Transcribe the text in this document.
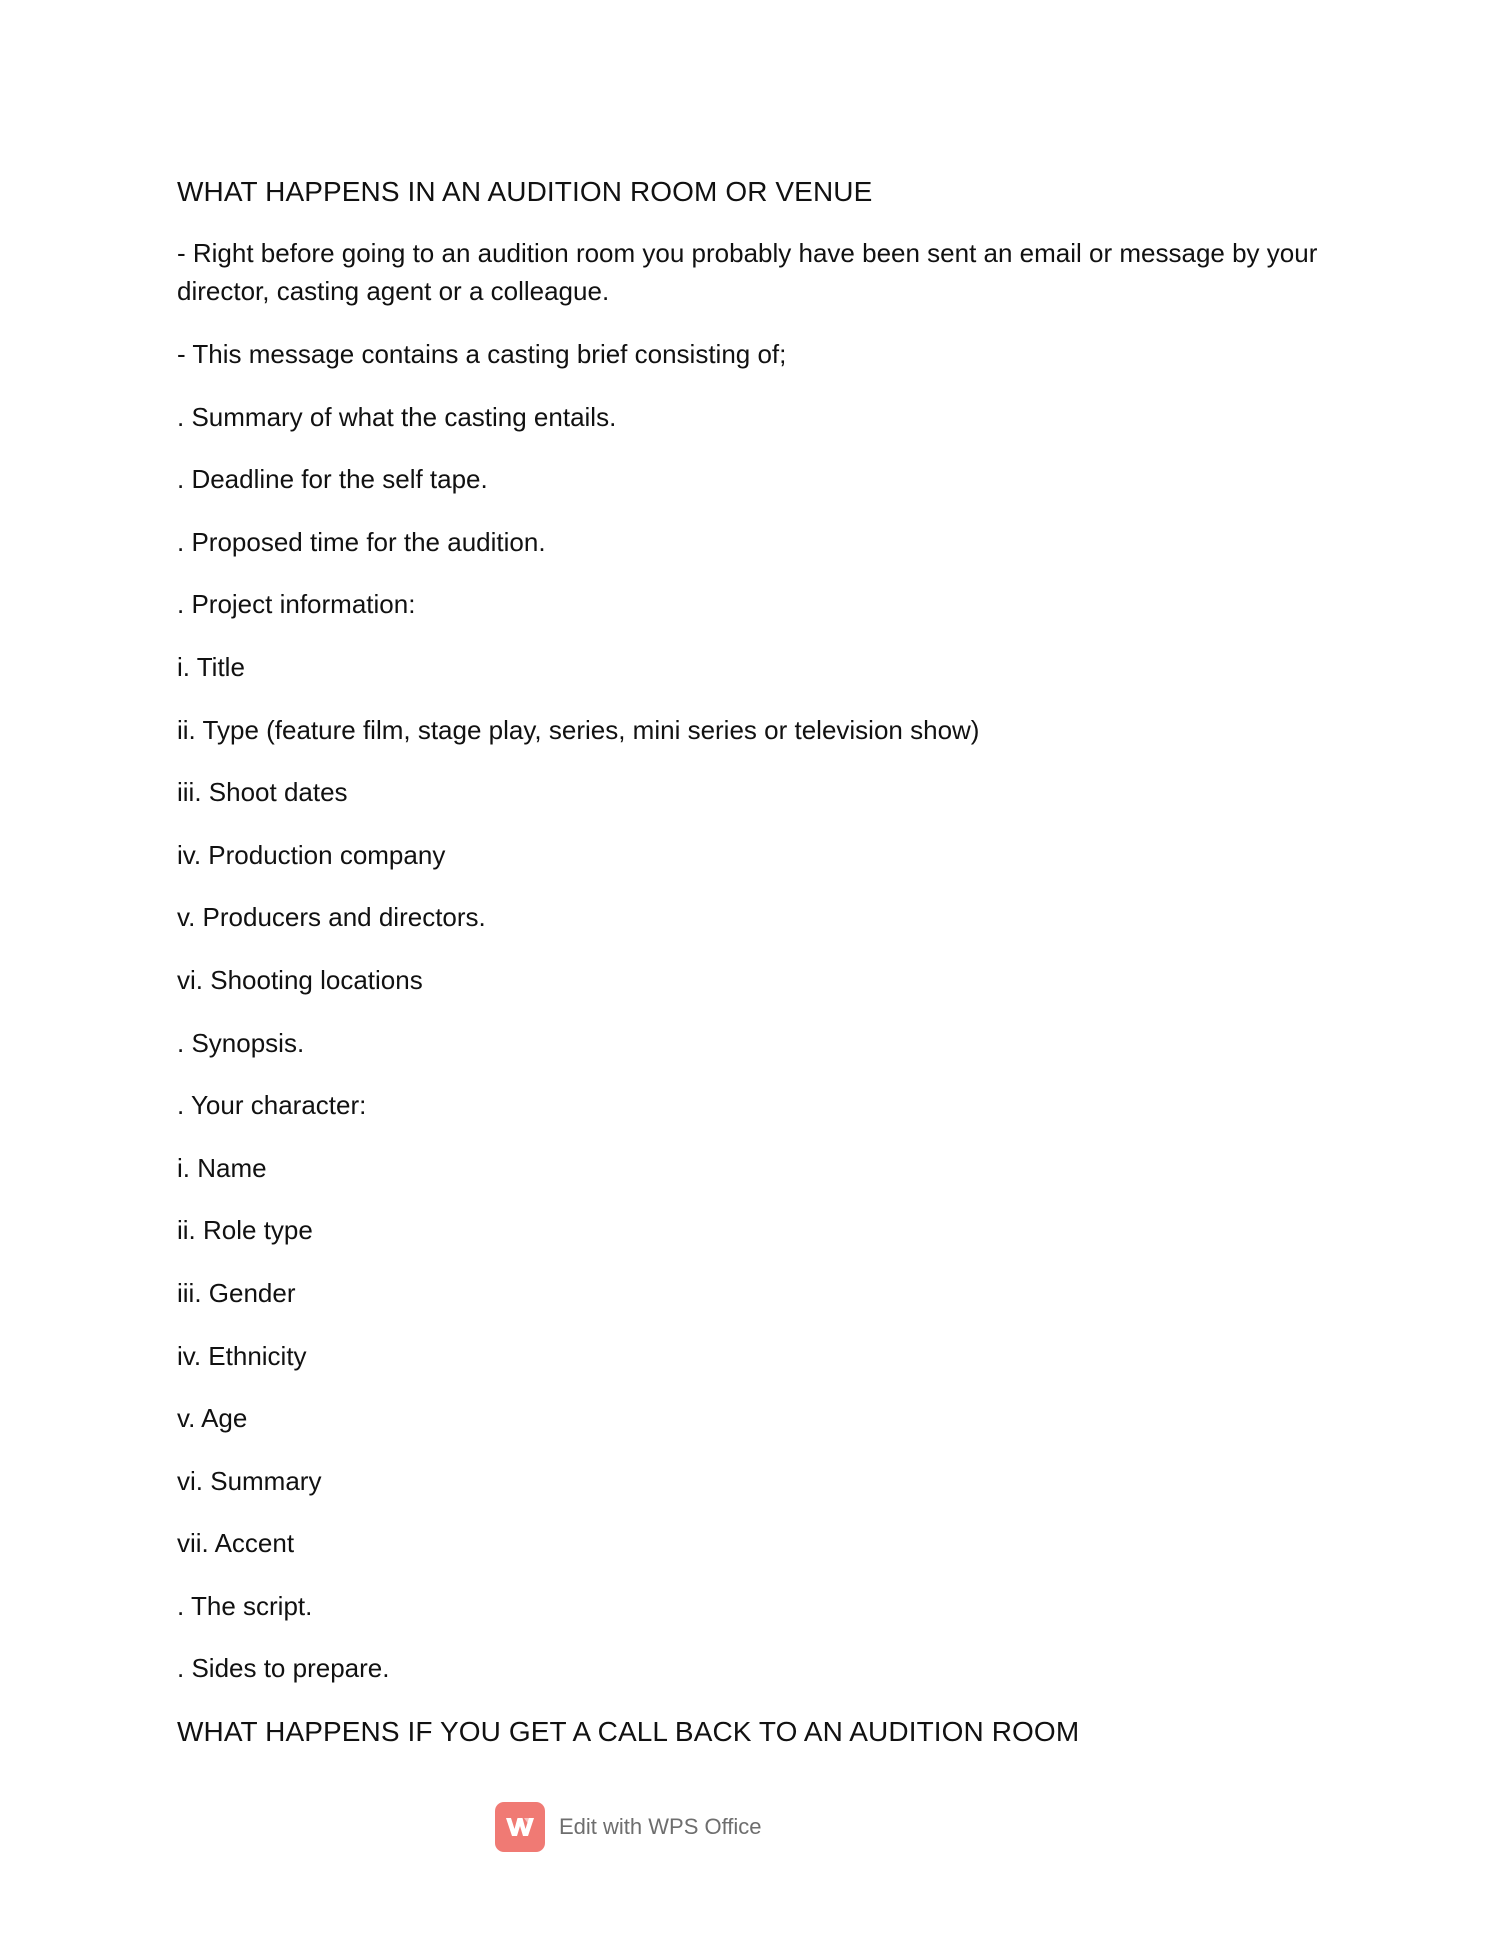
WHAT HAPPENS IN AN AUDITION ROOM OR VENUE
- Right before going to an audition room you probably have been sent an email or message by your director, casting agent or a colleague.
- This message contains a casting brief consisting of;
. Summary of what the casting entails.
. Deadline for the self tape.
. Proposed time for the audition.
. Project information:
i. Title
ii. Type (feature film, stage play, series, mini series or television show)
iii. Shoot dates
iv. Production company
v. Producers and directors.
vi. Shooting locations
. Synopsis.
. Your character:
i. Name
ii. Role type
iii. Gender
iv. Ethnicity
v. Age
vi. Summary
vii. Accent
. The script.
. Sides to prepare.
WHAT HAPPENS IF YOU GET A CALL BACK TO AN AUDITION ROOM
Edit with WPS Office
